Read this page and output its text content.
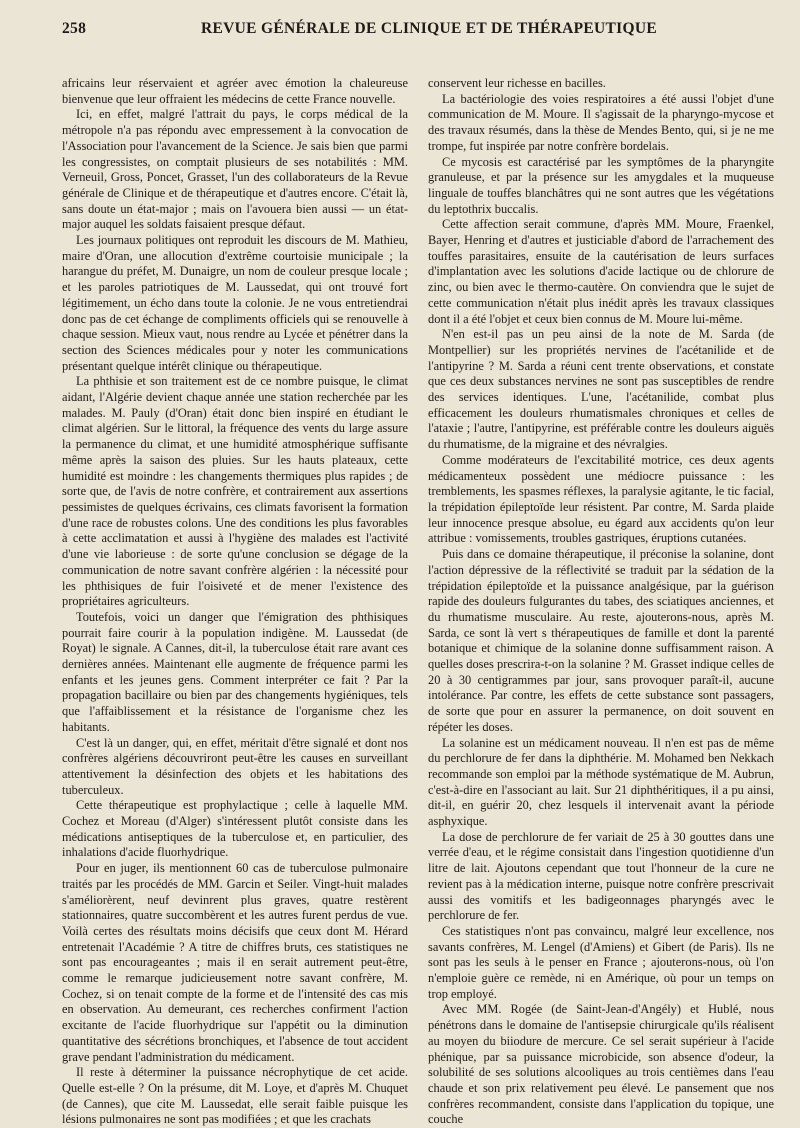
258	REVUE GÉNÉRALE DE CLINIQUE ET DE THÉRAPEUTIQUE

africains leur réservaient et agréer avec émotion la chaleureuse bienvenue que leur offraient les médecins de cette France nouvelle.

Ici, en effet, malgré l'attrait du pays, le corps médical de la métropole n'a pas répondu avec empressement à la convocation de l'Association pour l'avancement de la Science. Je sais bien que parmi les congressistes, on comptait plusieurs de ses notabilités : MM. Verneuil, Gross, Poncet, Grasset, l'un des collaborateurs de la Revue générale de Clinique et de thérapeutique et d'autres encore. C'était là, sans doute un état-major ; mais on l'avouera bien aussi — un état-major auquel les soldats faisaient presque défaut.

Les journaux politiques ont reproduit les discours de M. Mathieu, maire d'Oran, une allocution d'extrême courtoisie municipale ; la harangue du préfet, M. Dunaigre, un nom de couleur presque locale ; et les paroles patriotiques de M. Laussedat, qui ont trouvé fort légitimement, un écho dans toute la colonie. Je ne vous entretiendrai donc pas de cet échange de compliments officiels qui se renouvelle à chaque session. Mieux vaut, nous rendre au Lycée et pénétrer dans la section des Sciences médicales pour y noter les communications présentant quelque intérêt clinique ou thérapeutique.

La phthisie et son traitement est de ce nombre puisque, le climat aidant, l'Algérie devient chaque année une station recherchée par les malades. M. Pauly (d'Oran) était donc bien inspiré en étudiant le climat algérien. Sur le littoral, la fréquence des vents du large assure la permanence du climat, et une humidité atmosphérique suffisante même après la saison des pluies. Sur les hauts plateaux, cette humidité est moindre : les changements thermiques plus rapides ; de sorte que, de l'avis de notre confrère, et contrairement aux assertions pessimistes de quelques écrivains, ces climats favorisent la formation d'une race de robustes colons. Une des conditions les plus favorables à cette acclimatation et aussi à l'hygiène des malades est l'activité d'une vie laborieuse : de sorte qu'une conclusion se dégage de la communication de notre savant confrère algérien : la nécessité pour les phthisiques de fuir l'oisiveté et de mener l'existence des propriétaires agriculteurs.

Toutefois, voici un danger que l'émigration des phthisiques pourrait faire courir à la population indigène. M. Laussedat (de Royat) le signale. A Cannes, dit-il, la tuberculose était rare avant ces dernières années. Maintenant elle augmente de fréquence parmi les enfants et les jeunes gens. Comment interpréter ce fait ? Par la propagation bacillaire ou bien par des changements hygiéniques, tels que l'affaiblissement et la résistance de l'organisme chez les habitants.

C'est là un danger, qui, en effet, méritait d'être signalé et dont nos confrères algériens découvriront peut-être les causes en surveillant attentivement la désinfection des objets et les habitations des tuberculeux.

Cette thérapeutique est prophylactique ; celle à laquelle MM. Cochez et Moreau (d'Alger) s'intéressent plutôt consiste dans les médications antiseptiques de la tuberculose et, en particulier, des inhalations d'acide fluorhydrique.

Pour en juger, ils mentionnent 60 cas de tuberculose pulmonaire traités par les procédés de MM. Garcin et Seiler. Vingt-huit malades s'améliorèrent, neuf devinrent plus graves, quatre restèrent stationnaires, quatre succombèrent et les autres furent perdus de vue. Voilà certes des résultats moins décisifs que ceux dont M. Hérard entretenait l'Académie ? A titre de chiffres bruts, ces statistiques ne sont pas encourageantes ; mais il en serait autrement peut-être, comme le remarque judicieusement notre savant confrère, M. Cochez, si on tenait compte de la forme et de l'intensité des cas mis en observation. Au demeurant, ces recherches confirment l'action excitante de l'acide fluorhydrique sur l'appétit ou la diminution quantitative des sécrétions bronchiques, et l'absence de tout accident grave pendant l'administration du médicament.

Il reste à déterminer la puissance nécrophytique de cet acide. Quelle est-elle ? On la présume, dit M. Loye, et d'après M. Chuquet (de Cannes), que cite M. Laussedat, elle serait faible puisque les lésions pulmonaires ne sont pas modifiées ; et que les crachats

conservent leur richesse en bacilles.

La bactériologie des voies respiratoires a été aussi l'objet d'une communication de M. Moure. Il s'agissait de la pharyngo-mycose et des travaux résumés, dans la thèse de Mendes Bento, qui, si je ne me trompe, fut inspirée par notre confrère bordelais.

Ce mycosis est caractérisé par les symptômes de la pharyngite granuleuse, et par la présence sur les amygdales et la muqueuse linguale de touffes blanchâtres qui ne sont autres que les végétations du leptothrix buccalis.

Cette affection serait commune, d'après MM. Moure, Fraenkel, Bayer, Henring et d'autres et justiciable d'abord de l'arrachement des touffes parasitaires, ensuite de la cautérisation de leurs surfaces d'implantation avec les solutions d'acide lactique ou de chlorure de zinc, ou bien avec le thermo-cautère. On conviendra que le sujet de cette communication n'était plus inédit après les travaux classiques dont il a été l'objet et ceux bien connus de M. Moure lui-même.

N'en est-il pas un peu ainsi de la note de M. Sarda (de Montpellier) sur les propriétés nervines de l'acétanilide et de l'antipyrine ? M. Sarda a réuni cent trente observations, et constate que ces deux substances nervines ne sont pas susceptibles de rendre des services identiques. L'une, l'acétanilide, combat plus efficacement les douleurs rhumatismales chroniques et celles de l'ataxie ; l'autre, l'antipyrine, est préférable contre les douleurs aiguës du rhumatisme, de la migraine et des névralgies.

Comme modérateurs de l'excitabilité motrice, ces deux agents médicamenteux possèdent une médiocre puissance : les tremblements, les spasmes réflexes, la paralysie agitante, le tic facial, la trépidation épileptoïde leur résistent. Par contre, M. Sarda plaide leur innocence presque absolue, eu égard aux accidents qu'on leur attribue : vomissements, troubles gastriques, éruptions cutanées.

Puis dans ce domaine thérapeutique, il préconise la solanine, dont l'action dépressive de la réflectivité se traduit par la sédation de la trépidation épileptoïde et la puissance analgésique, par la guérison rapide des douleurs fulgurantes du tabes, des sciatiques anciennes, et du rhumatisme musculaire. Au reste, ajouterons-nous, après M. Sarda, ce sont là vert s thérapeutiques de famille et dont la parenté botanique et chimique de la solanine donne suffisamment raison. A quelles doses prescrira-t-on la solanine ? M. Grasset indique celles de 20 à 30 centigrammes par jour, sans provoquer paraît-il, aucune intolérance. Par contre, les effets de cette substance sont passagers, de sorte que pour en assurer la permanence, on doit souvent en répéter les doses.

La solanine est un médicament nouveau. Il n'en est pas de même du perchlorure de fer dans la diphthérie. M. Mohamed ben Nekkach recommande son emploi par la méthode systématique de M. Aubrun, c'est-à-dire en l'associant au lait. Sur 21 diphthéritiques, il a pu ainsi, dit-il, en guérir 20, chez lesquels il intervenait avant la période asphyxique.

La dose de perchlorure de fer variait de 25 à 30 gouttes dans une verrée d'eau, et le régime consistait dans l'ingestion quotidienne d'un litre de lait. Ajoutons cependant que tout l'honneur de la cure ne revient pas à la médication interne, puisque notre confrère prescrivait aussi des vomitifs et les badigeonnages pharyngés avec le perchlorure de fer.

Ces statistiques n'ont pas convaincu, malgré leur excellence, nos savants confrères, M. Lengel (d'Amiens) et Gibert (de Paris). Ils ne sont pas les seuls à le penser en France ; ajouterons-nous, où l'on n'emploie guère ce remède, ni en Amérique, où pour un temps on trop employé.

Avec MM. Rogée (de Saint-Jean-d'Angély) et Hublé, nous pénétrons dans le domaine de l'antisepsie chirurgicale qu'ils réalisent au moyen du biiodure de mercure. Ce sel serait supérieur à l'acide phénique, par sa puissance microbicide, son absence d'odeur, la solubilité de ses solutions alcooliques au trois centièmes dans l'eau chaude et son prix relativement peu élevé. Le pansement que nos confrères recommandent, consiste dans l'application du topique, une couche
